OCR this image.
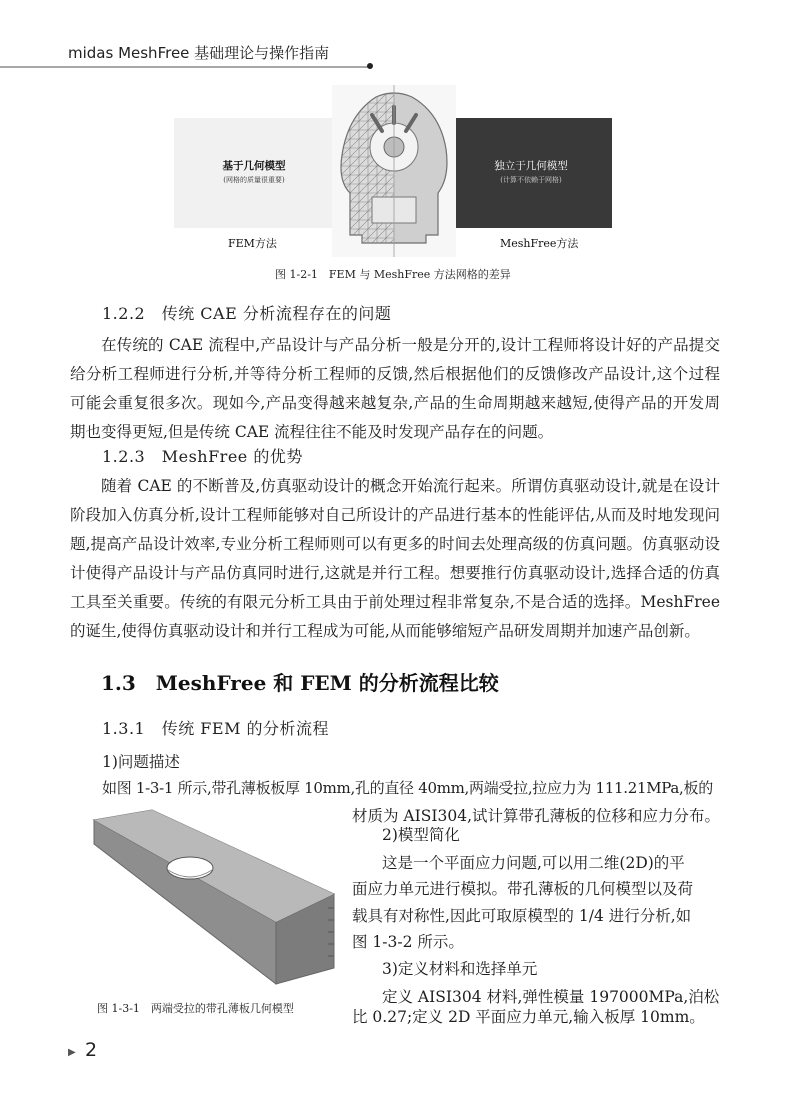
midas MeshFree 基础理论与操作指南
基于几何模型
(网格的质量很重要)
独立于几何模型
(计算不依赖于网格)
FEM方法	MeshFree方法
图 1-2-1　FEM 与 MeshFree 方法网格的差异
1.2.2　传统 CAE 分析流程存在的问题
在传统的 CAE 流程中,产品设计与产品分析一般是分开的,设计工程师将设计好的产品提交给分析工程师进行分析,并等待分析工程师的反馈,然后根据他们的反馈修改产品设计,这个过程可能会重复很多次。现如今,产品变得越来越复杂,产品的生命周期越来越短,使得产品的开发周期也变得更短,但是传统 CAE 流程往往不能及时发现产品存在的问题。
1.2.3　MeshFree 的优势
随着 CAE 的不断普及,仿真驱动设计的概念开始流行起来。所谓仿真驱动设计,就是在设计阶段加入仿真分析,设计工程师能够对自己所设计的产品进行基本的性能评估,从而及时地发现问题,提高产品设计效率,专业分析工程师则可以有更多的时间去处理高级的仿真问题。仿真驱动设计使得产品设计与产品仿真同时进行,这就是并行工程。想要推行仿真驱动设计,选择合适的仿真工具至关重要。传统的有限元分析工具由于前处理过程非常复杂,不是合适的选择。MeshFree 的诞生,使得仿真驱动设计和并行工程成为可能,从而能够缩短产品研发周期并加速产品创新。
1.3　MeshFree 和 FEM 的分析流程比较
1.3.1　传统 FEM 的分析流程
1)问题描述
如图 1-3-1 所示,带孔薄板板厚 10mm,孔的直径 40mm,两端受拉,拉应力为 111.21MPa,板的
材质为 AISI304,试计算带孔薄板的位移和应力分布。
2)模型简化
这是一个平面应力问题,可以用二维(2D)的平
面应力单元进行模拟。带孔薄板的几何模型以及荷
载具有对称性,因此可取原模型的 1/4 进行分析,如
图 1-3-2 所示。
3)定义材料和选择单元
定义 AISI304 材料,弹性模量 197000MPa,泊松
比 0.27;定义 2D 平面应力单元,输入板厚 10mm。
图 1-3-1　两端受拉的带孔薄板几何模型
▶ 2
